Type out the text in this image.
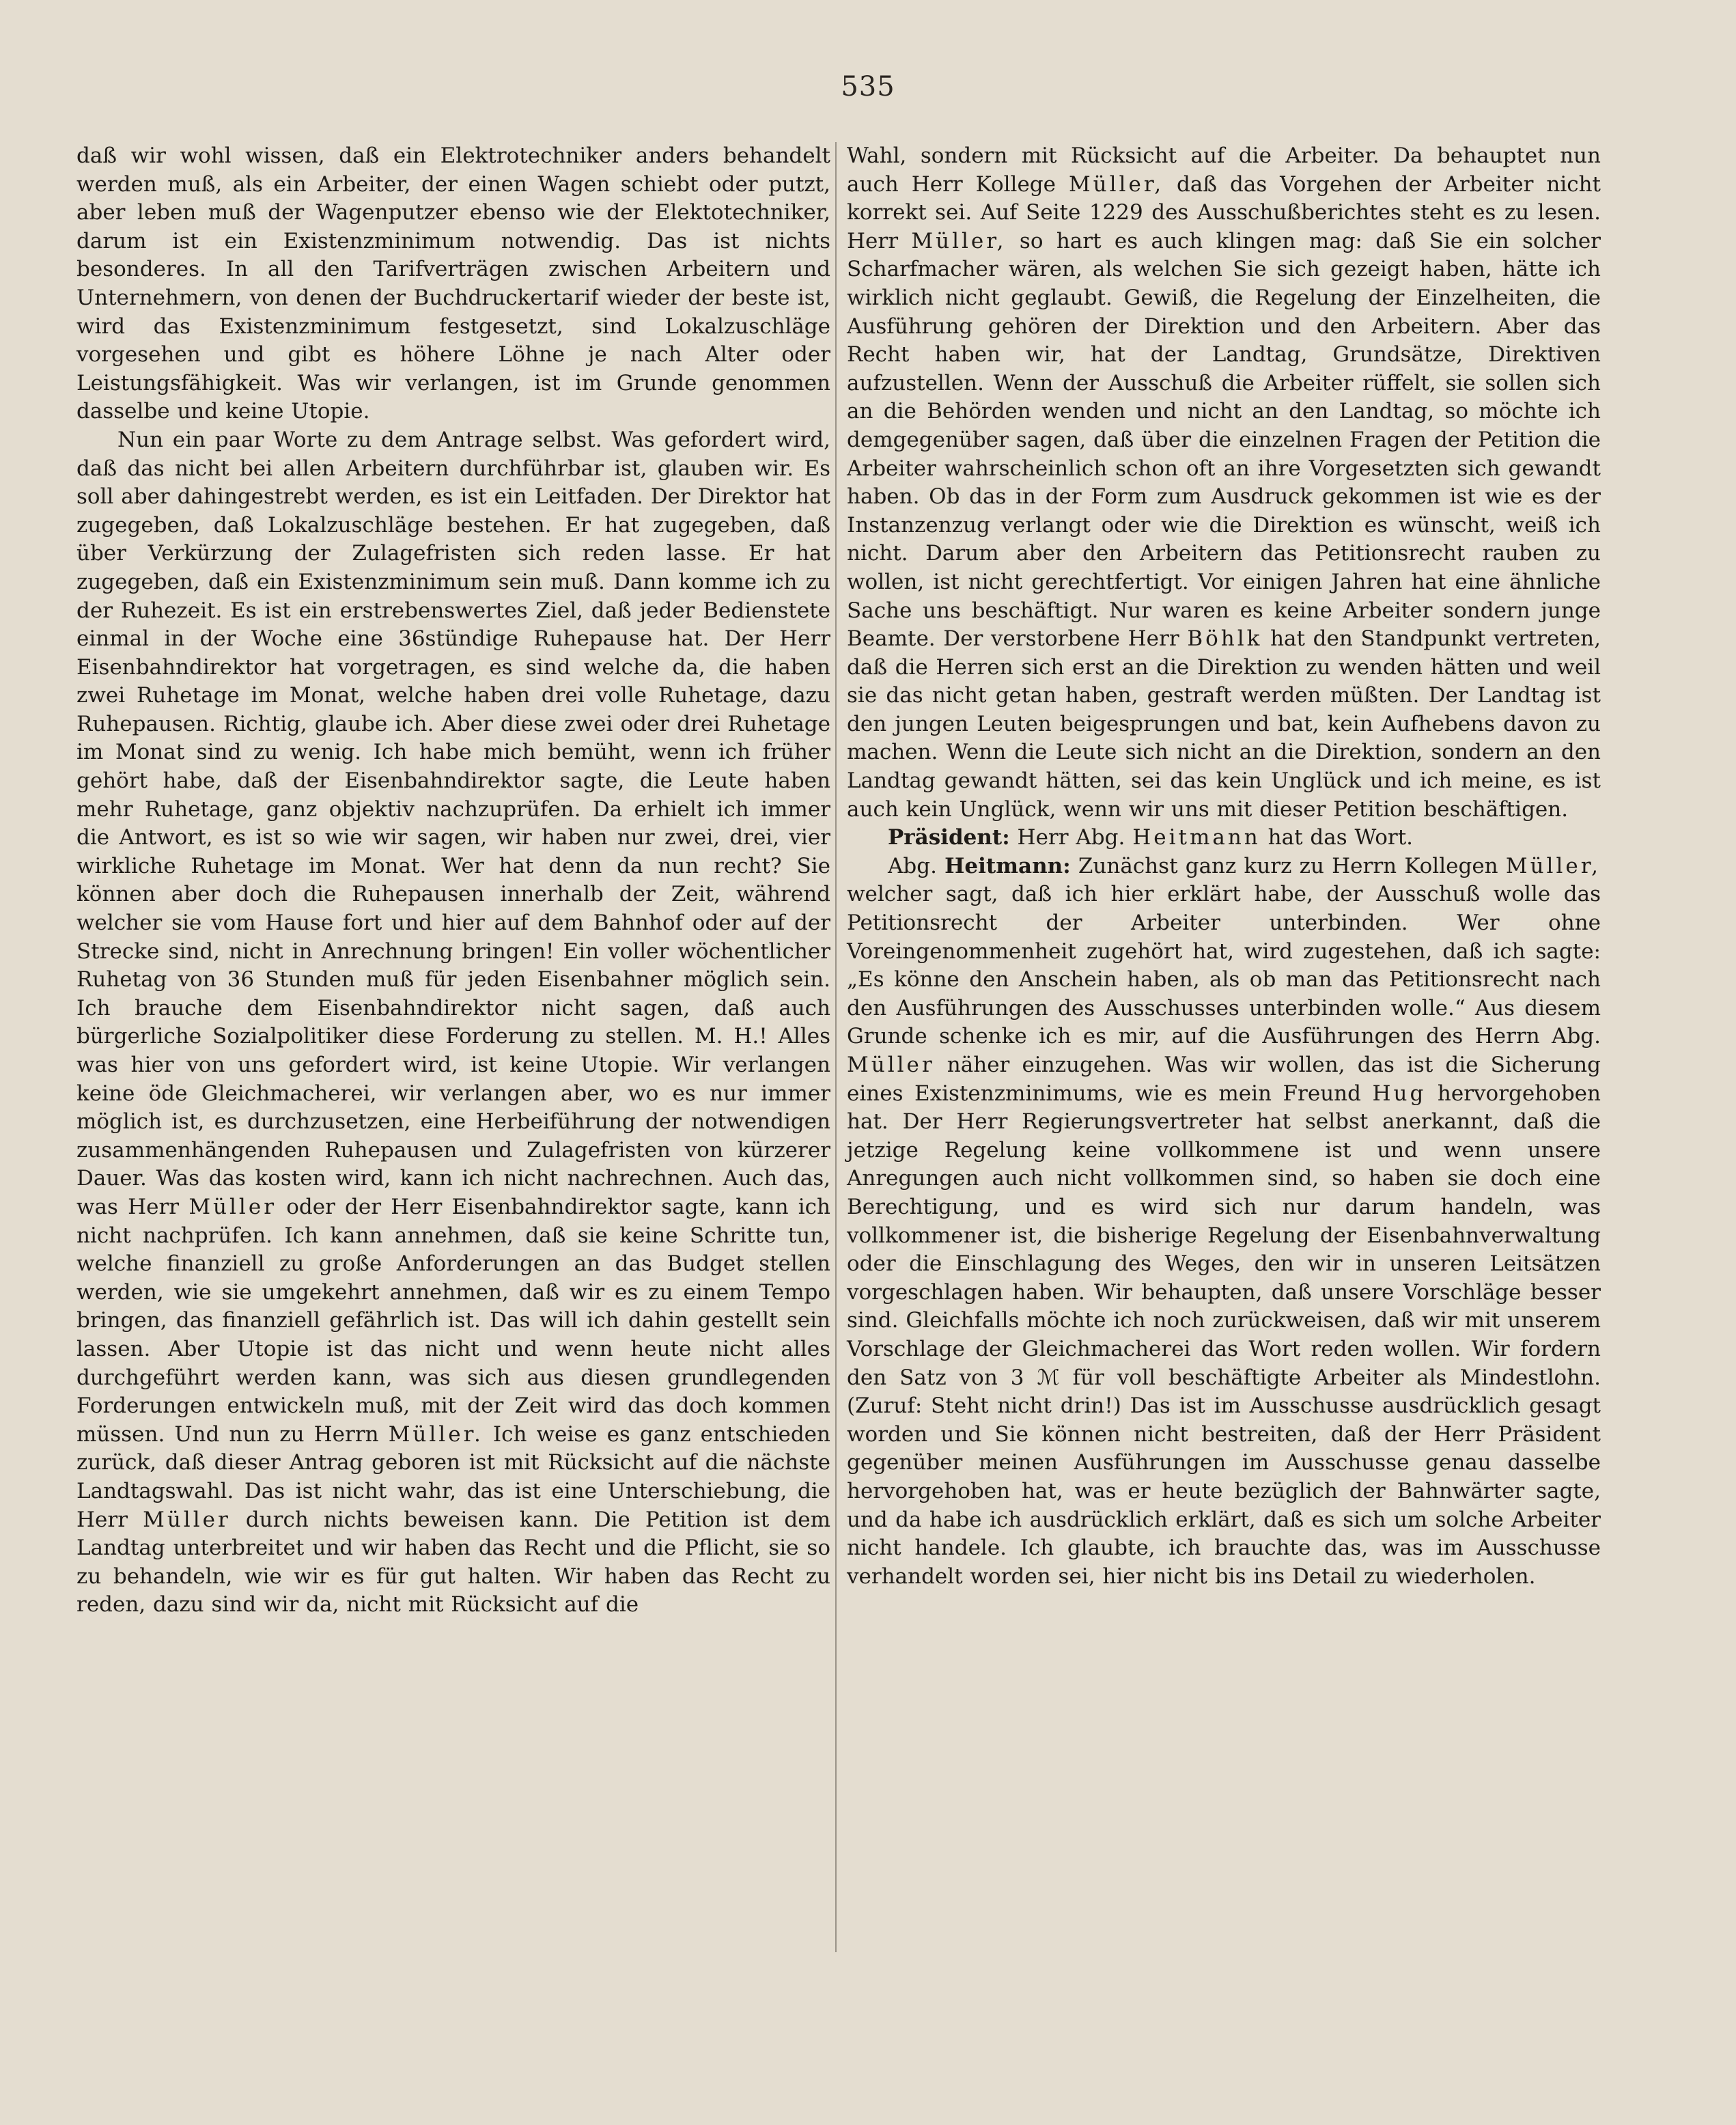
535

daß wir wohl wissen, daß ein Elektrotechniker anders behandelt werden muß, als ein Arbeiter, der einen Wagen schiebt oder putzt, aber leben muß der Wagenputzer ebenso wie der Elektotechniker, darum ist ein Existenzminimum notwendig. Das ist nichts besonderes. In all den Tarifverträgen zwischen Arbeitern und Unternehmern, von denen der Buchdruckertarif wieder der beste ist, wird das Existenzminimum festgesetzt, sind Lokalzuschläge vorgesehen und gibt es höhere Löhne je nach Alter oder Leistungsfähigkeit. Was wir verlangen, ist im Grunde genommen dasselbe und keine Utopie.

Nun ein paar Worte zu dem Antrage selbst. Was gefordert wird, daß das nicht bei allen Arbeitern durchführbar ist, glauben wir. Es soll aber dahingestrebt werden, es ist ein Leitfaden. Der Direktor hat zugegeben, daß Lokalzuschläge bestehen. Er hat zugegeben, daß über Verkürzung der Zulagefristen sich reden lasse. Er hat zugegeben, daß ein Existenzminimum sein muß. Dann komme ich zu der Ruhezeit. Es ist ein erstrebenswertes Ziel, daß jeder Bedienstete einmal in der Woche eine 36stündige Ruhepause hat. Der Herr Eisenbahndirektor hat vorgetragen, es sind welche da, die haben zwei Ruhetage im Monat, welche haben drei volle Ruhetage, dazu Ruhepausen. Richtig, glaube ich. Aber diese zwei oder drei Ruhetage im Monat sind zu wenig. Ich habe mich bemüht, wenn ich früher gehört habe, daß der Eisenbahndirektor sagte, die Leute haben mehr Ruhetage, ganz objektiv nachzuprüfen. Da erhielt ich immer die Antwort, es ist so wie wir sagen, wir haben nur zwei, drei, vier wirkliche Ruhetage im Monat. Wer hat denn da nun recht? Sie können aber doch die Ruhepausen innerhalb der Zeit, während welcher sie vom Hause fort und hier auf dem Bahnhof oder auf der Strecke sind, nicht in Anrechnung bringen! Ein voller wöchentlicher Ruhetag von 36 Stunden muß für jeden Eisenbahner möglich sein. Ich brauche dem Eisenbahndirektor nicht sagen, daß auch bürgerliche Sozialpolitiker diese Forderung zu stellen. M. H.! Alles was hier von uns gefordert wird, ist keine Utopie. Wir verlangen keine öde Gleichmacherei, wir verlangen aber, wo es nur immer möglich ist, es durchzusetzen, eine Herbeiführung der notwendigen zusammenhängenden Ruhepausen und Zulagefristen von kürzerer Dauer. Was das kosten wird, kann ich nicht nachrechnen. Auch das, was Herr Müller oder der Herr Eisenbahndirektor sagte, kann ich nicht nachprüfen. Ich kann annehmen, daß sie keine Schritte tun, welche finanziell zu große Anforderungen an das Budget stellen werden, wie sie umgekehrt annehmen, daß wir es zu einem Tempo bringen, das finanziell gefährlich ist. Das will ich dahin gestellt sein lassen. Aber Utopie ist das nicht und wenn heute nicht alles durchgeführt werden kann, was sich aus diesen grundlegenden Forderungen entwickeln muß, mit der Zeit wird das doch kommen müssen. Und nun zu Herrn Müller. Ich weise es ganz entschieden zurück, daß dieser Antrag geboren ist mit Rücksicht auf die nächste Landtagswahl. Das ist nicht wahr, das ist eine Unterschiebung, die Herr Müller durch nichts beweisen kann. Die Petition ist dem Landtag unterbreitet und wir haben das Recht und die Pflicht, sie so zu behandeln, wie wir es für gut halten. Wir haben das Recht zu reden, dazu sind wir da, nicht mit Rücksicht auf die

Wahl, sondern mit Rücksicht auf die Arbeiter. Da behauptet nun auch Herr Kollege Müller, daß das Vorgehen der Arbeiter nicht korrekt sei. Auf Seite 1229 des Ausschußberichtes steht es zu lesen. Herr Müller, so hart es auch klingen mag: daß Sie ein solcher Scharfmacher wären, als welchen Sie sich gezeigt haben, hätte ich wirklich nicht geglaubt. Gewiß, die Regelung der Einzelheiten, die Ausführung gehören der Direktion und den Arbeitern. Aber das Recht haben wir, hat der Landtag, Grundsätze, Direktiven aufzustellen. Wenn der Ausschuß die Arbeiter rüffelt, sie sollen sich an die Behörden wenden und nicht an den Landtag, so möchte ich demgegenüber sagen, daß über die einzelnen Fragen der Petition die Arbeiter wahrscheinlich schon oft an ihre Vorgesetzten sich gewandt haben. Ob das in der Form zum Ausdruck gekommen ist wie es der Instanzenzug verlangt oder wie die Direktion es wünscht, weiß ich nicht. Darum aber den Arbeitern das Petitionsrecht rauben zu wollen, ist nicht gerechtfertigt. Vor einigen Jahren hat eine ähnliche Sache uns beschäftigt. Nur waren es keine Arbeiter sondern junge Beamte. Der verstorbene Herr Böhlk hat den Standpunkt vertreten, daß die Herren sich erst an die Direktion zu wenden hätten und weil sie das nicht getan haben, gestraft werden müßten. Der Landtag ist den jungen Leuten beigesprungen und bat, kein Aufhebens davon zu machen. Wenn die Leute sich nicht an die Direktion, sondern an den Landtag gewandt hätten, sei das kein Unglück und ich meine, es ist auch kein Unglück, wenn wir uns mit dieser Petition beschäftigen.

Präsident: Herr Abg. Heitmann hat das Wort.

Abg. Heitmann: Zunächst ganz kurz zu Herrn Kollegen Müller, welcher sagt, daß ich hier erklärt habe, der Ausschuß wolle das Petitionsrecht der Arbeiter unterbinden. Wer ohne Voreingenommenheit zugehört hat, wird zugestehen, daß ich sagte: „Es könne den Anschein haben, als ob man das Petitionsrecht nach den Ausführungen des Ausschusses unterbinden wolle.“ Aus diesem Grunde schenke ich es mir, auf die Ausführungen des Herrn Abg. Müller näher einzugehen. Was wir wollen, das ist die Sicherung eines Existenzminimums, wie es mein Freund Hug hervorgehoben hat. Der Herr Regierungsvertreter hat selbst anerkannt, daß die jetzige Regelung keine vollkommene ist und wenn unsere Anregungen auch nicht vollkommen sind, so haben sie doch eine Berechtigung, und es wird sich nur darum handeln, was vollkommener ist, die bisherige Regelung der Eisenbahnverwaltung oder die Einschlagung des Weges, den wir in unseren Leitsätzen vorgeschlagen haben. Wir behaupten, daß unsere Vorschläge besser sind. Gleichfalls möchte ich noch zurückweisen, daß wir mit unserem Vorschlage der Gleichmacherei das Wort reden wollen. Wir fordern den Satz von 3 ℳ für voll beschäftigte Arbeiter als Mindestlohn. (Zuruf: Steht nicht drin!) Das ist im Ausschusse ausdrücklich gesagt worden und Sie können nicht bestreiten, daß der Herr Präsident gegenüber meinen Ausführungen im Ausschusse genau dasselbe hervorgehoben hat, was er heute bezüglich der Bahnwärter sagte, und da habe ich ausdrücklich erklärt, daß es sich um solche Arbeiter nicht handele. Ich glaubte, ich brauchte das, was im Ausschusse verhandelt worden sei, hier nicht bis ins Detail zu wiederholen.
